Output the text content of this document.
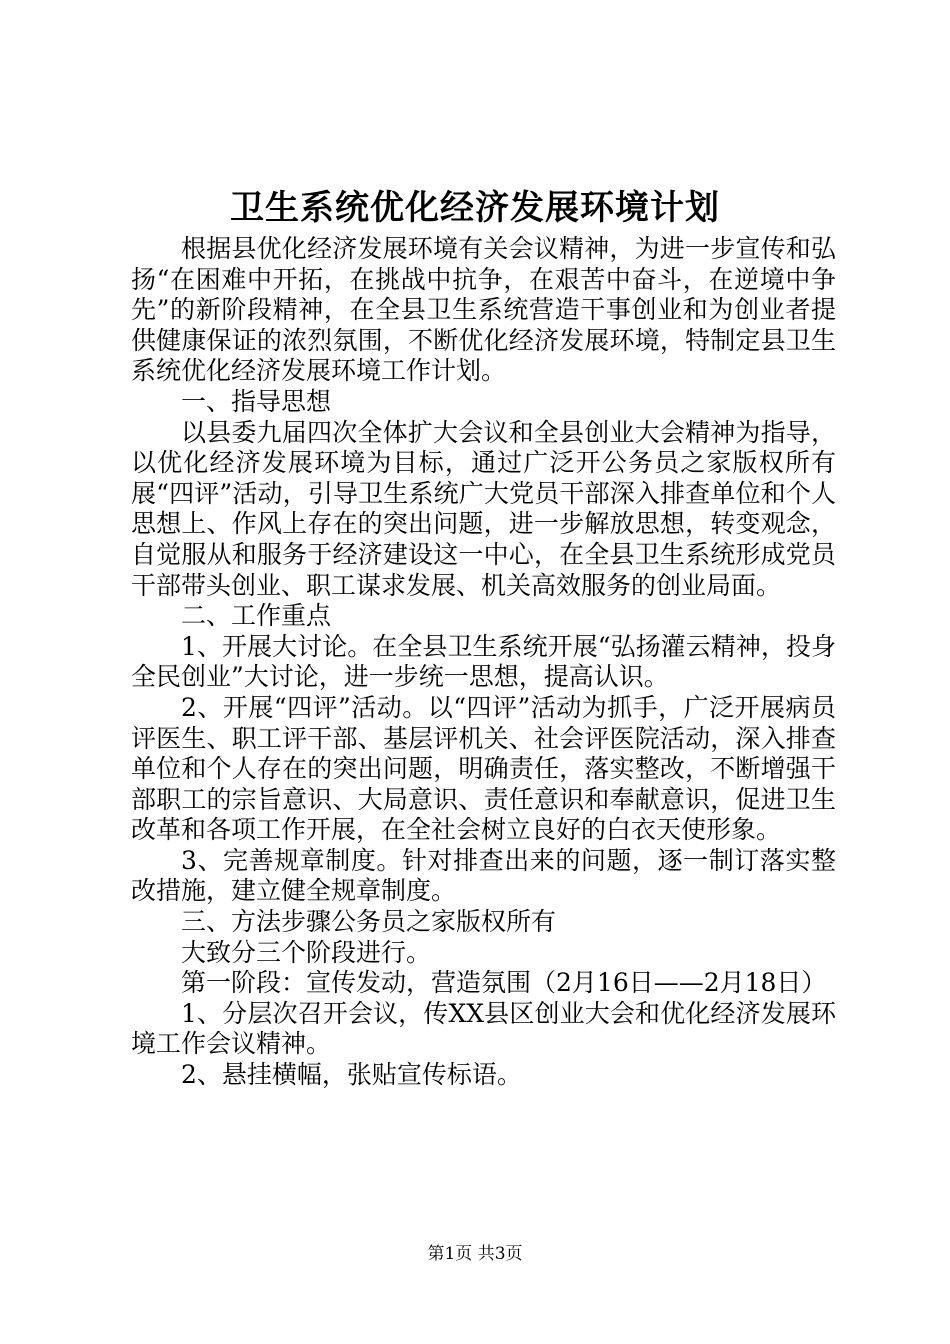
卫生系统优化经济发展环境计划

根据县优化经济发展环境有关会议精神，为进一步宣传和弘扬“在困难中开拓，在挑战中抗争，在艰苦中奋斗，在逆境中争先”的新阶段精神，在全县卫生系统营造干事创业和为创业者提供健康保证的浓烈氛围，不断优化经济发展环境，特制定县卫生系统优化经济发展环境工作计划。

一、指导思想

以县委九届四次全体扩大会议和全县创业大会精神为指导，以优化经济发展环境为目标，通过广泛开公务员之家版权所有展“四评”活动，引导卫生系统广大党员干部深入排查单位和个人思想上、作风上存在的突出问题，进一步解放思想，转变观念，自觉服从和服务于经济建设这一中心，在全县卫生系统形成党员干部带头创业、职工谋求发展、机关高效服务的创业局面。

二、工作重点

1、开展大讨论。在全县卫生系统开展“弘扬灌云精神，投身全民创业”大讨论，进一步统一思想，提高认识。

2、开展“四评”活动。以“四评”活动为抓手，广泛开展病员评医生、职工评干部、基层评机关、社会评医院活动，深入排查单位和个人存在的突出问题，明确责任，落实整改，不断增强干部职工的宗旨意识、大局意识、责任意识和奉献意识，促进卫生改革和各项工作开展，在全社会树立良好的白衣天使形象。

3、完善规章制度。针对排查出来的问题，逐一制订落实整改措施，建立健全规章制度。

三、方法步骤公务员之家版权所有

大致分三个阶段进行。

第一阶段：宣传发动，营造氛围（2月16日——2月18日）

1、分层次召开会议，传XX县区创业大会和优化经济发展环境工作会议精神。

2、悬挂横幅，张贴宣传标语。

第1页 共3页
